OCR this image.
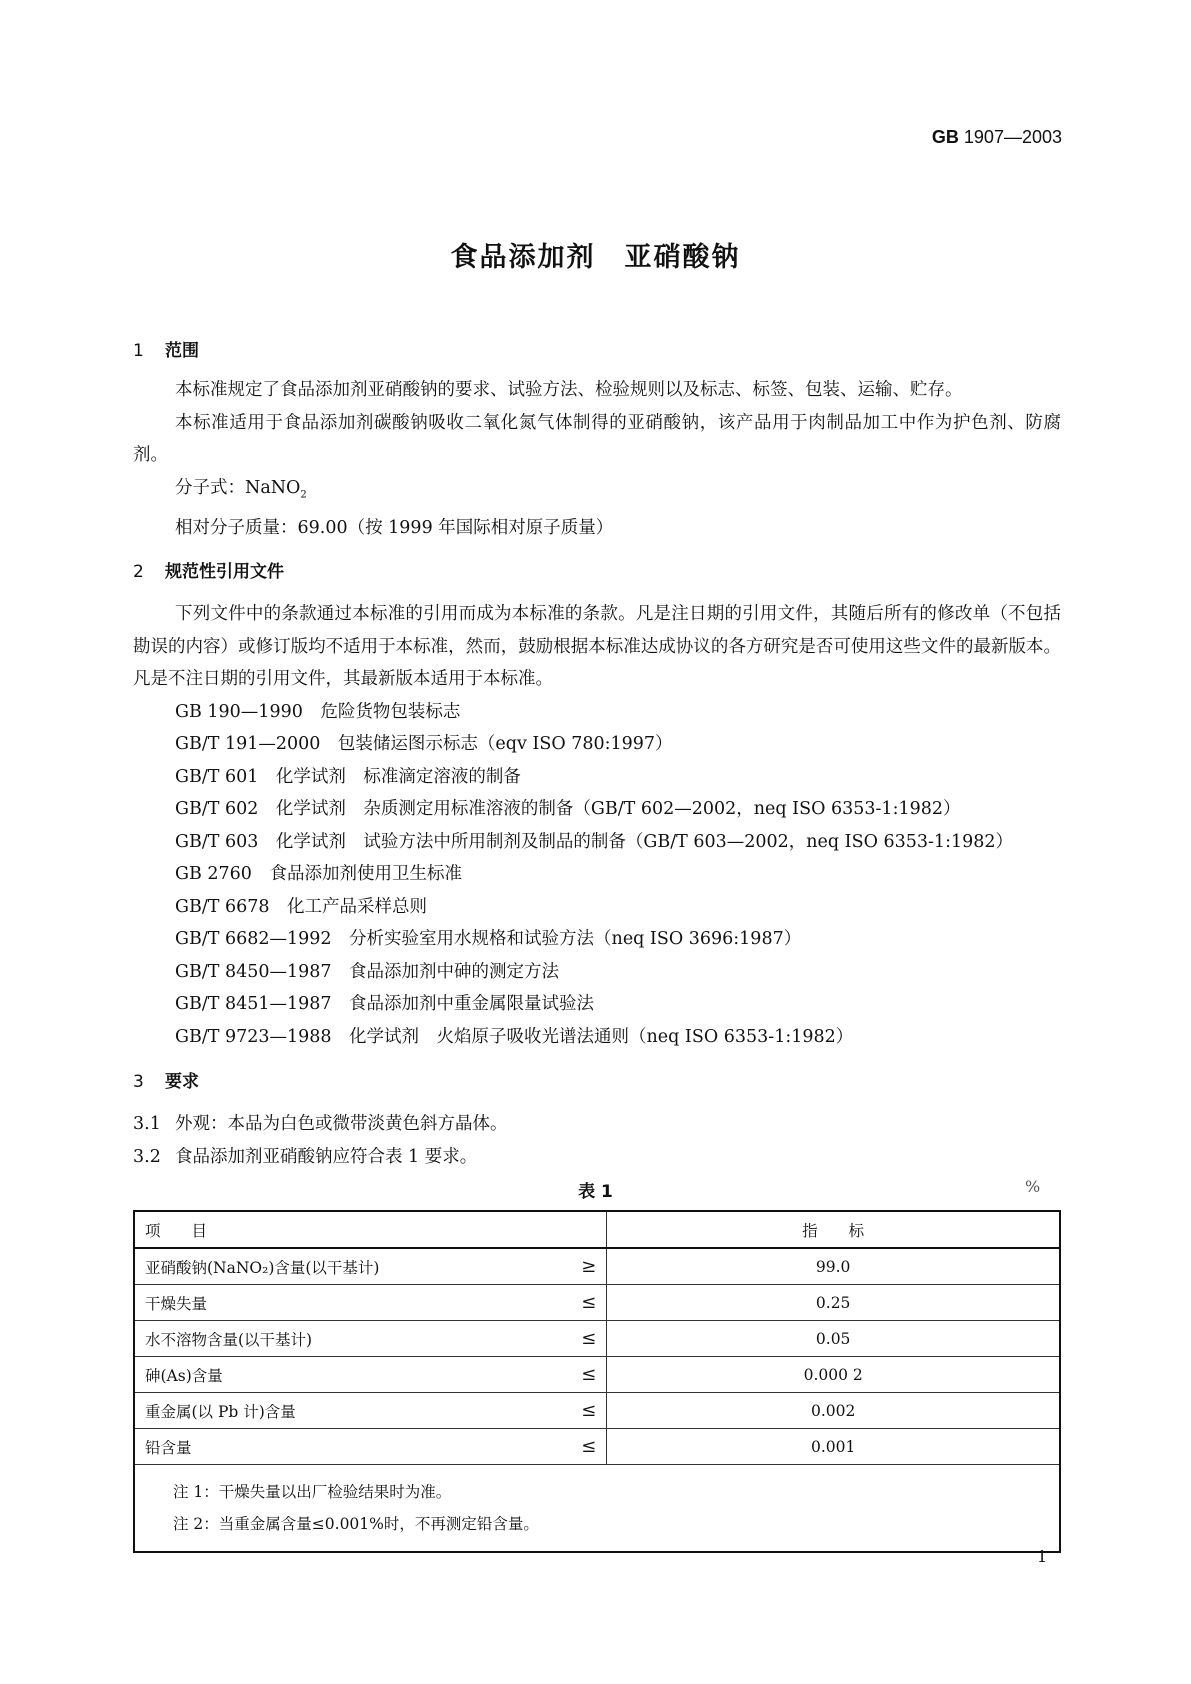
GB 1907—2003
食品添加剂　亚硝酸钠
1 范围

本标准规定了食品添加剂亚硝酸钠的要求、试验方法、检验规则以及标志、标签、包装、运输、贮存。

本标准适用于食品添加剂碳酸钠吸收二氧化氮气体制得的亚硝酸钠，该产品用于肉制品加工中作为护色剂、防腐剂。

分子式：NaNO$_2$

相对分子质量：69.00（按 1999 年国际相对原子质量）

2 规范性引用文件

下列文件中的条款通过本标准的引用而成为本标准的条款。凡是注日期的引用文件，其随后所有的修改单（不包括勘误的内容）或修订版均不适用于本标准，然而，鼓励根据本标准达成协议的各方研究是否可使用这些文件的最新版本。凡是不注日期的引用文件，其最新版本适用于本标准。

GB 190—1990　危险货物包装标志
GB/T 191—2000　包装储运图示标志（eqv ISO 780:1997）
GB/T 601　化学试剂　标准滴定溶液的制备
GB/T 602　化学试剂　杂质测定用标准溶液的制备（GB/T 602—2002，neq ISO 6353-1:1982）
GB/T 603　化学试剂　试验方法中所用制剂及制品的制备（GB/T 603—2002，neq ISO 6353-1:1982）
GB 2760　食品添加剂使用卫生标准
GB/T 6678　化工产品采样总则
GB/T 6682—1992　分析实验室用水规格和试验方法（neq ISO 3696:1987）
GB/T 8450—1987　食品添加剂中砷的测定方法
GB/T 8451—1987　食品添加剂中重金属限量试验法
GB/T 9723—1988　化学试剂　火焰原子吸收光谱法通则（neq ISO 6353-1:1982）
3 要求
3.1 外观：本品为白色或微带淡黄色斜方晶体。
3.2 食品添加剂亚硝酸钠应符合表 1 要求。
表 1	%
项　　目		指　　标
亚硝酸钠(NaNO₂)含量(以干基计)	≥	99.0
干燥失量	≤	0.25
水不溶物含量(以干基计)	≤	0.05
砷(As)含量	≤	0.000 2
重金属(以 Pb 计)含量	≤	0.002
铅含量	≤	0.001

注 1：干燥失量以出厂检验结果时为准。
注 2：当重金属含量≤0.001%时，不再测定铅含量。		
1
